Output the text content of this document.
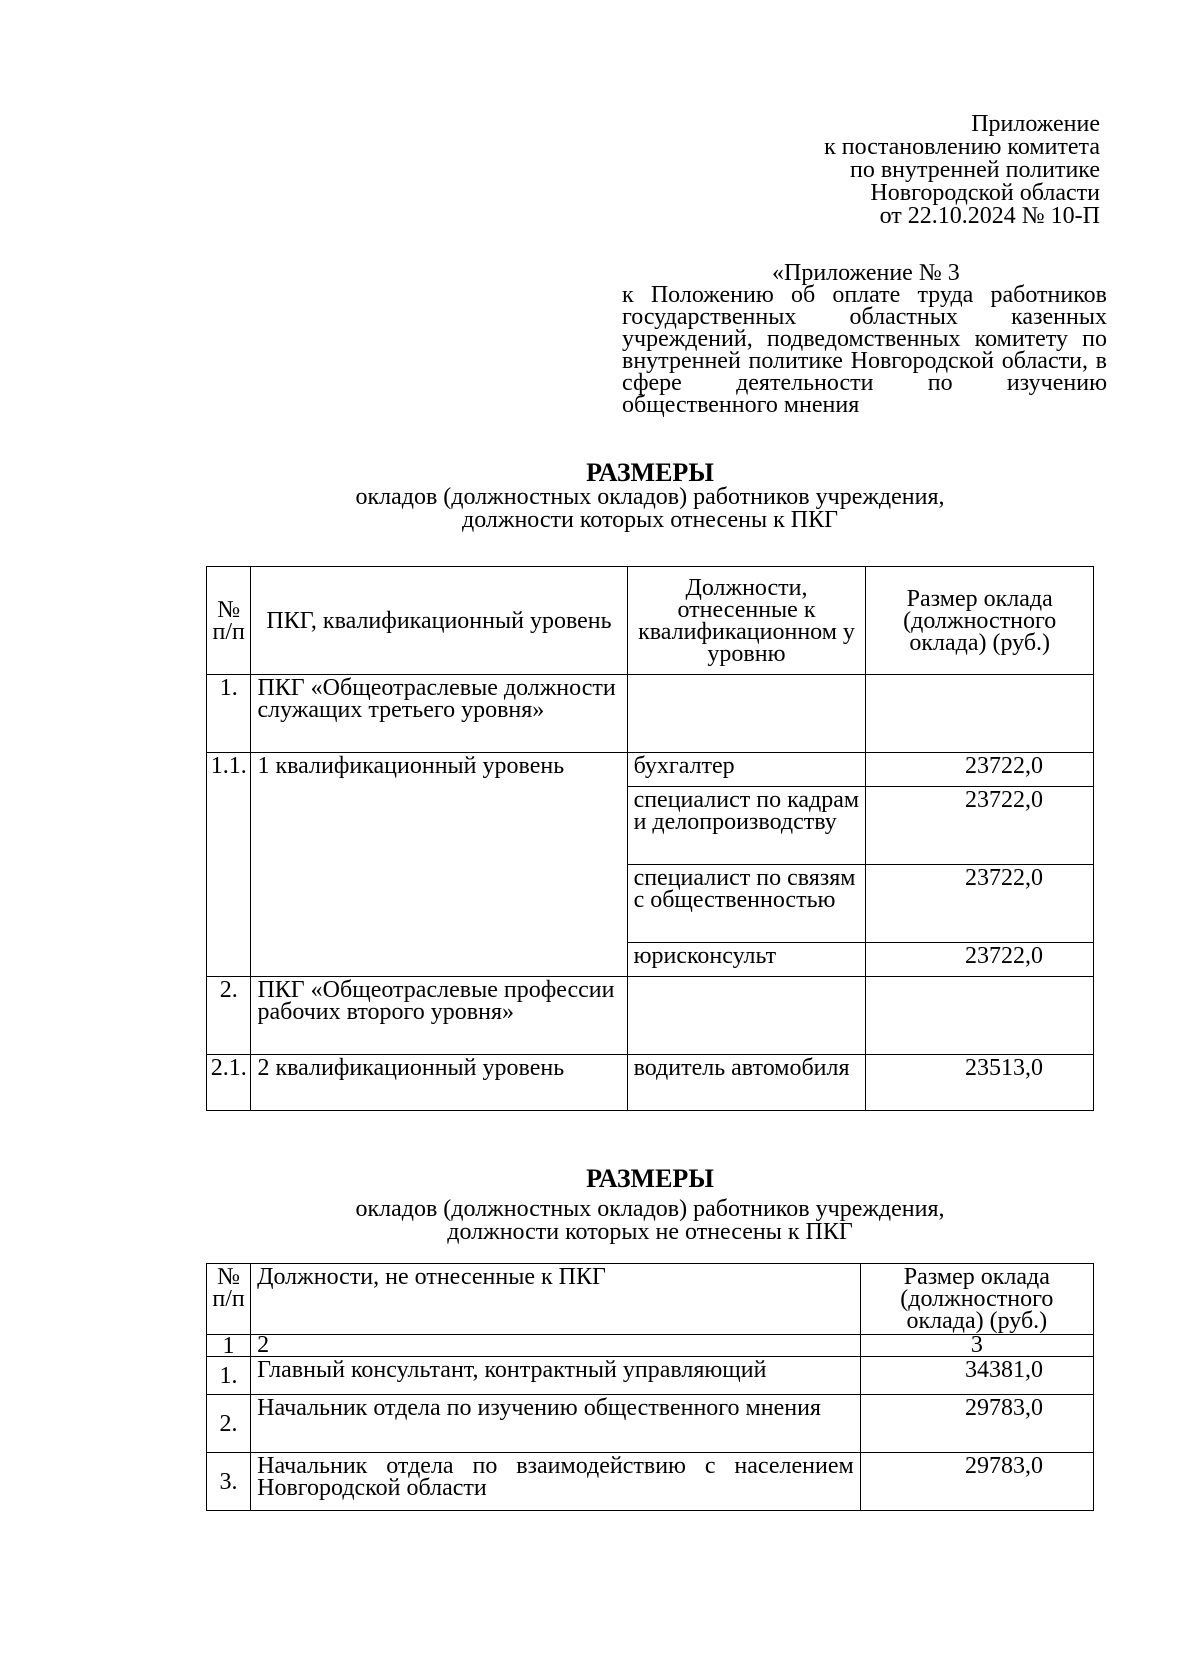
Приложение
к постановлению комитета
по внутренней политике
Новгородской области
от 22.10.2024 № 10-П
«Приложение № 3
к Положению об оплате труда работников государственных областных казенных учреждений, подведомственных комитету по внутренней политике Новгородской области, в сфере деятельности по изучению общественного мнения
РАЗМЕРЫ
окладов (должностных окладов) работников учреждения,
должности которых отнесены к ПКГ
№ п/п	ПКГ, квалификационный уровень	Должности, отнесенные к квалификационном у уровню	Размер оклада (должностного оклада) (руб.)
1.	ПКГ «Общеотраслевые должности служащих третьего уровня»		
1.1.	1 квалификационный уровень	бухгалтер	23722,0
		специалист по кадрам и делопроизводству	23722,0
		специалист по связям с общественностью	23722,0
		юрисконсульт	23722,0
2.	ПКГ «Общеотраслевые профессии рабочих второго уровня»		
2.1.	2 квалификационный уровень	водитель автомобиля	23513,0
РАЗМЕРЫ
окладов (должностных окладов) работников учреждения,
должности которых не отнесены к ПКГ
№ п/п	Должности, не отнесенные к ПКГ	Размер оклада (должностного оклада) (руб.)
1	2	3
1.	Главный консультант, контрактный управляющий	34381,0
2.	Начальник отдела по изучению общественного мнения	29783,0
3.	Начальник отдела по взаимодействию с населением Новгородской области	29783,0
